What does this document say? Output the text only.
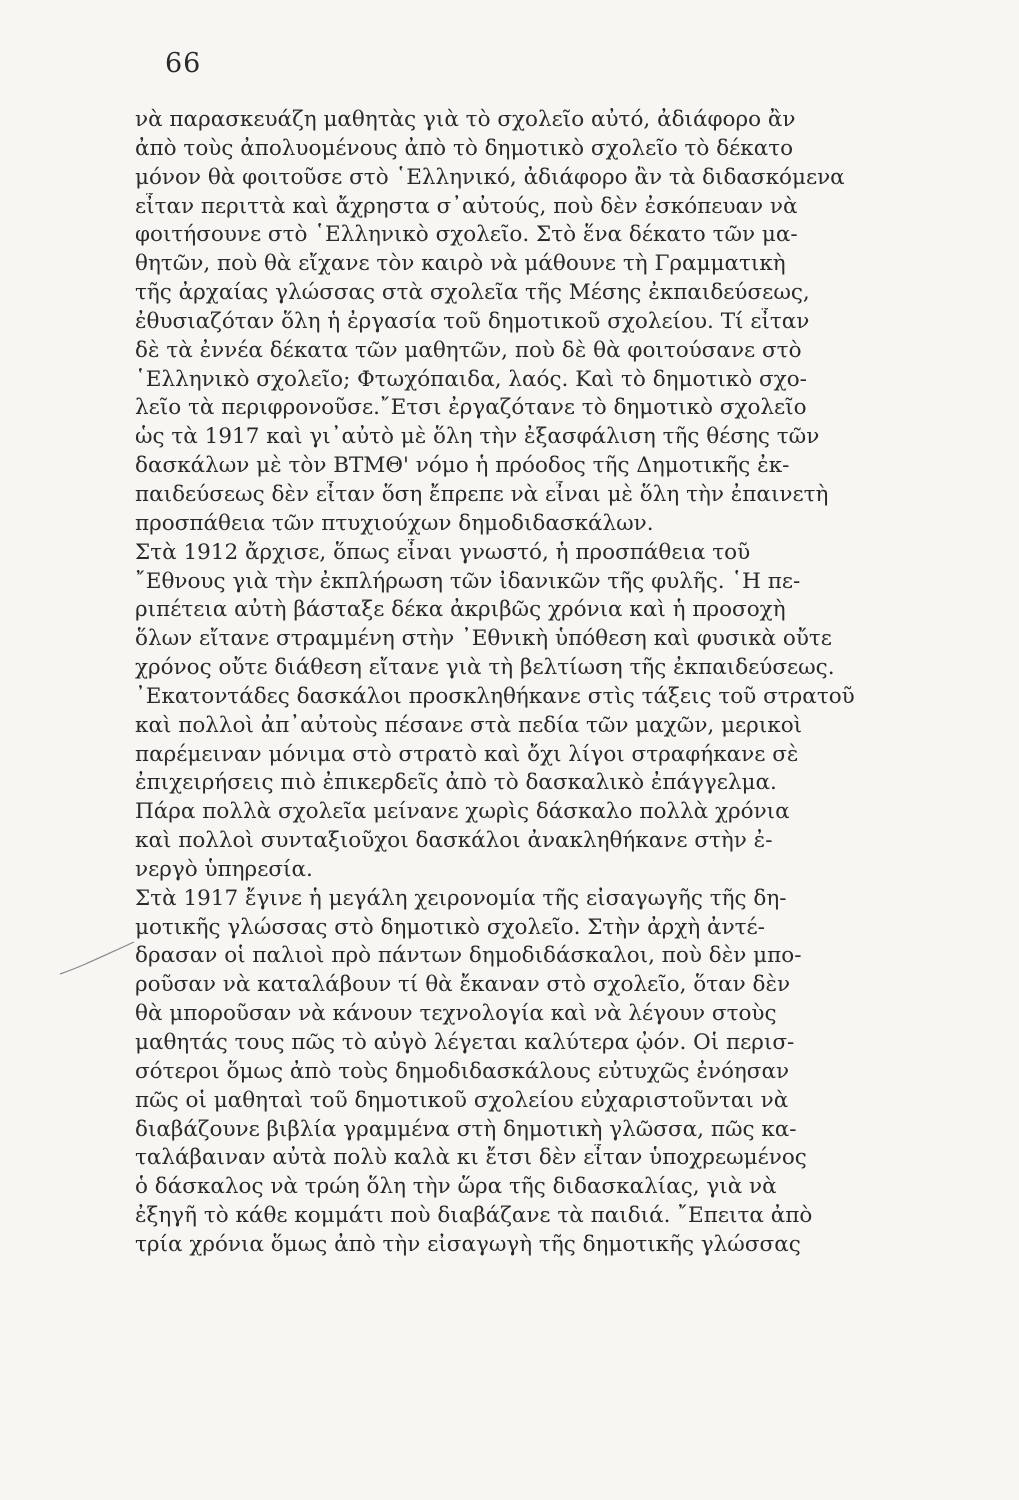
66
νὰ παρασκευάζη μαθητὰς γιὰ τὸ σχολεῖο αὐτό, ἀδιάφορο ἂν
ἀπὸ τοὺς ἀπολυομένους ἀπὸ τὸ δημοτικὸ σχολεῖο τὸ δέκατο
μόνον θὰ φοιτοῦσε στὸ ῾Ελληνικό, ἀδιάφορο ἂν τὰ διδασκόμενα
εἶταν περιττὰ καὶ ἄχρηστα σ᾽αὐτούς, ποὺ δὲν ἐσκόπευαν νὰ
φοιτήσουνε στὸ ῾Ελληνικὸ σχολεῖο. Στὸ ἕνα δέκατο τῶν μα-
θητῶν, ποὺ θὰ εἴχανε τὸν καιρὸ νὰ μάθουνε τὴ Γραμματικὴ
τῆς ἀρχαίας γλώσσας στὰ σχολεῖα τῆς Μέσης ἐκπαιδεύσεως,
ἐθυσιαζόταν ὅλη ἡ ἐργασία τοῦ δημοτικοῦ σχολείου. Τί εἶταν
δὲ τὰ ἐννέα δέκατα τῶν μαθητῶν, ποὺ δὲ θὰ φοιτούσανε στὸ
῾Ελληνικὸ σχολεῖο; Φτωχόπαιδα, λαός. Καὶ τὸ δημοτικὸ σχο-
λεῖο τὰ περιφρονοῦσε.῎Ετσι ἐργαζότανε τὸ δημοτικὸ σχολεῖο
ὡς τὰ 1917 καὶ γι᾽αὐτὸ μὲ ὅλη τὴν ἐξασφάλιση τῆς θέσης τῶν
δασκάλων μὲ τὸν ΒΤΜΘ' νόμο ἡ πρόοδος τῆς Δημοτικῆς ἐκ-
παιδεύσεως δὲν εἶταν ὅση ἔπρεπε νὰ εἶναι μὲ ὅλη τὴν ἐπαινετὴ
προσπάθεια τῶν πτυχιούχων δημοδιδασκάλων.
Στὰ 1912 ἄρχισε, ὅπως εἶναι γνωστό, ἡ προσπάθεια τοῦ
῎Εθνους γιὰ τὴν ἐκπλήρωση τῶν ἰδανικῶν τῆς φυλῆς. ῾Η πε-
ριπέτεια αὐτὴ βάσταξε δέκα ἀκριβῶς χρόνια καὶ ἡ προσοχὴ
ὅλων εἴτανε στραμμένη στὴν ᾿Εθνικὴ ὑπόθεση καὶ φυσικὰ οὔτε
χρόνος οὔτε διάθεση εἴτανε γιὰ τὴ βελτίωση τῆς ἐκπαιδεύσεως.
᾿Εκατοντάδες δασκάλοι προσκληθήκανε στὶς τάξεις τοῦ στρατοῦ
καὶ πολλοὶ ἀπ᾽αὐτοὺς πέσανε στὰ πεδία τῶν μαχῶν, μερικοὶ
παρέμειναν μόνιμα στὸ στρατὸ καὶ ὄχι λίγοι στραφήκανε σὲ
ἐπιχειρήσεις πιὸ ἐπικερδεῖς ἀπὸ τὸ δασκαλικὸ ἐπάγγελμα.
Πάρα πολλὰ σχολεῖα μείνανε χωρὶς δάσκαλο πολλὰ χρόνια
καὶ πολλοὶ συνταξιοῦχοι δασκάλοι ἀνακληθήκανε στὴν ἐ-
νεργὸ ὑπηρεσία.
Στὰ 1917 ἔγινε ἡ μεγάλη χειρονομία τῆς εἰσαγωγῆς τῆς δη-
μοτικῆς γλώσσας στὸ δημοτικὸ σχολεῖο. Στὴν ἀρχὴ ἀντέ-
δρασαν οἱ παλιοὶ πρὸ πάντων δημοδιδάσκαλοι, ποὺ δὲν μπο-
ροῦσαν νὰ καταλάβουν τί θὰ ἔκαναν στὸ σχολεῖο, ὅταν δὲν
θὰ μποροῦσαν νὰ κάνουν τεχνολογία καὶ νὰ λέγουν στοὺς
μαθητάς τους πῶς τὸ αὐγὸ λέγεται καλύτερα ᾠόν. Οἱ περισ-
σότεροι ὅμως ἀπὸ τοὺς δημοδιδασκάλους εὐτυχῶς ἐνόησαν
πῶς οἱ μαθηταὶ τοῦ δημοτικοῦ σχολείου εὐχαριστοῦνται νὰ
διαβάζουνε βιβλία γραμμένα στὴ δημοτικὴ γλῶσσα, πῶς κα-
ταλάβαιναν αὐτὰ πολὺ καλὰ κι ἔτσι δὲν εἶταν ὑποχρεωμένος
ὁ δάσκαλος νὰ τρώη ὅλη τὴν ὥρα τῆς διδασκαλίας, γιὰ νὰ
ἐξηγῆ τὸ κάθε κομμάτι ποὺ διαβάζανε τὰ παιδιά. ῎Επειτα ἀπὸ
τρία χρόνια ὅμως ἀπὸ τὴν εἰσαγωγὴ τῆς δημοτικῆς γλώσσας
